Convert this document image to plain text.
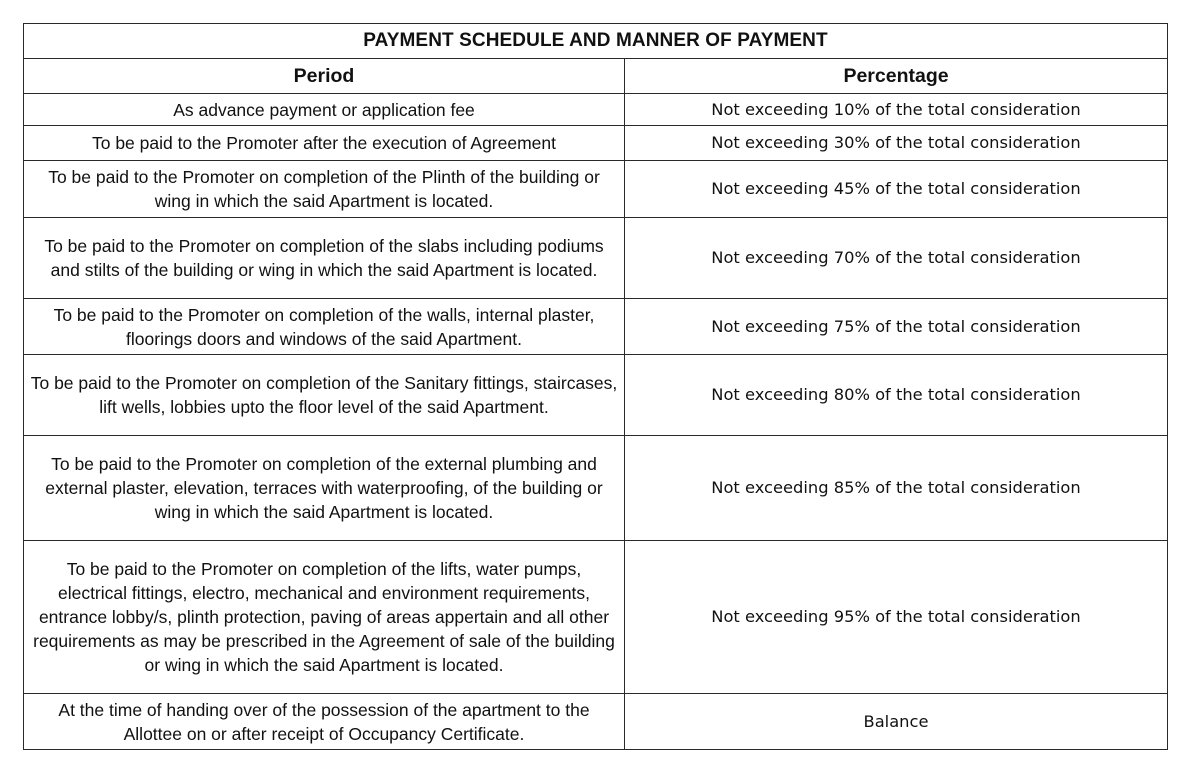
PAYMENT SCHEDULE AND MANNER OF PAYMENT	
Period	Percentage
As advance payment or application fee	Not exceeding 10% of the total consideration
To be paid to the Promoter after the execution of Agreement	Not exceeding 30% of the total consideration
To be paid to the Promoter on completion of the Plinth of the building or wing in which the said Apartment is located.	Not exceeding 45% of the total consideration
To be paid to the Promoter on completion of the slabs including podiums and stilts of the building or wing in which the said Apartment is located.	Not exceeding 70% of the total consideration
To be paid to the Promoter on completion of the walls, internal plaster, floorings doors and windows of the said Apartment.	Not exceeding 75% of the total consideration
To be paid to the Promoter on completion of the Sanitary fittings, staircases, lift wells, lobbies upto the floor level of the said Apartment.	Not exceeding 80% of the total consideration
To be paid to the Promoter on completion of the external plumbing and external plaster, elevation, terraces with waterproofing, of the building or wing in which the said Apartment is located.	Not exceeding 85% of the total consideration
To be paid to the Promoter on completion of the lifts, water pumps, electrical fittings, electro, mechanical and environment requirements, entrance lobby/s, plinth protection, paving of areas appertain and all other requirements as may be prescribed in the Agreement of sale of the building or wing in which the said Apartment is located.	Not exceeding 95% of the total consideration
At the time of handing over of the possession of the apartment to the Allottee on or after receipt of Occupancy Certificate.	Balance
